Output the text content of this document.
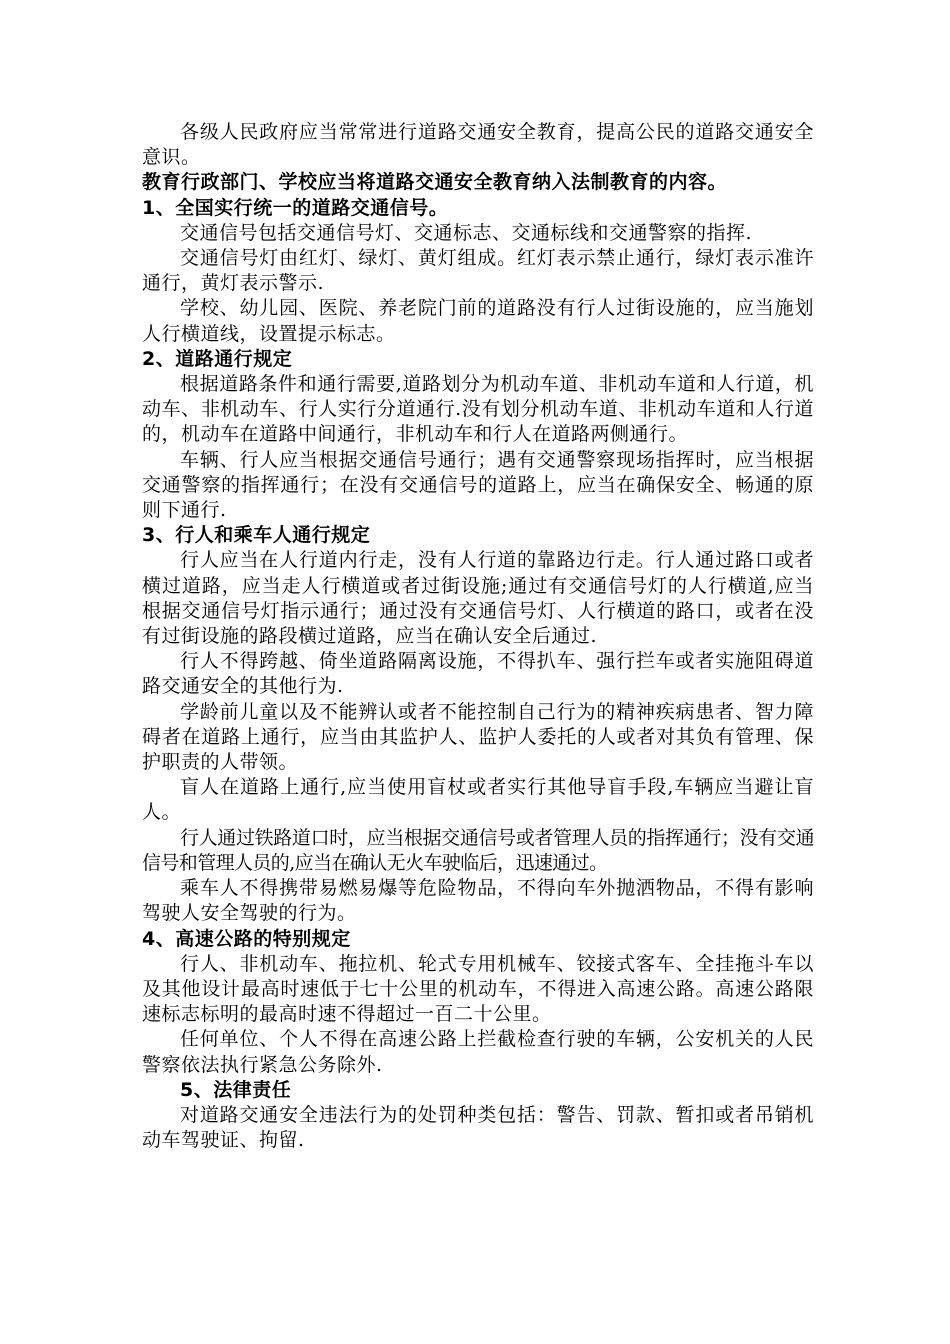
各级人民政府应当常常进行道路交通安全教育，提高公民的道路交通安全意识。

教育行政部门、学校应当将道路交通安全教育纳入法制教育的内容。

1、全国实行统一的道路交通信号。

交通信号包括交通信号灯、交通标志、交通标线和交通警察的指挥.

交通信号灯由红灯、绿灯、黄灯组成。红灯表示禁止通行，绿灯表示准许通行，黄灯表示警示.

学校、幼儿园、医院、养老院门前的道路没有行人过街设施的，应当施划人行横道线，设置提示标志。

2、道路通行规定

根据道路条件和通行需要,道路划分为机动车道、非机动车道和人行道，机动车、非机动车、行人实行分道通行.没有划分机动车道、非机动车道和人行道的，机动车在道路中间通行，非机动车和行人在道路两侧通行。

车辆、行人应当根据交通信号通行；遇有交通警察现场指挥时，应当根据交通警察的指挥通行；在没有交通信号的道路上，应当在确保安全、畅通的原则下通行.

3、行人和乘车人通行规定

行人应当在人行道内行走，没有人行道的靠路边行走。行人通过路口或者横过道路，应当走人行横道或者过街设施;通过有交通信号灯的人行横道,应当根据交通信号灯指示通行；通过没有交通信号灯、人行横道的路口，或者在没有过街设施的路段横过道路，应当在确认安全后通过.

行人不得跨越、倚坐道路隔离设施，不得扒车、强行拦车或者实施阻碍道路交通安全的其他行为.

学龄前儿童以及不能辨认或者不能控制自己行为的精神疾病患者、智力障碍者在道路上通行，应当由其监护人、监护人委托的人或者对其负有管理、保护职责的人带领。

盲人在道路上通行,应当使用盲杖或者实行其他导盲手段,车辆应当避让盲人。

行人通过铁路道口时，应当根据交通信号或者管理人员的指挥通行；没有交通信号和管理人员的,应当在确认无火车驶临后，迅速通过。

乘车人不得携带易燃易爆等危险物品，不得向车外抛洒物品，不得有影响驾驶人安全驾驶的行为。

4、高速公路的特别规定

行人、非机动车、拖拉机、轮式专用机械车、铰接式客车、全挂拖斗车以及其他设计最高时速低于七十公里的机动车，不得进入高速公路。高速公路限速标志标明的最高时速不得超过一百二十公里。

任何单位、个人不得在高速公路上拦截检查行驶的车辆，公安机关的人民警察依法执行紧急公务除外.

5、法律责任

对道路交通安全违法行为的处罚种类包括：警告、罚款、暂扣或者吊销机动车驾驶证、拘留.
